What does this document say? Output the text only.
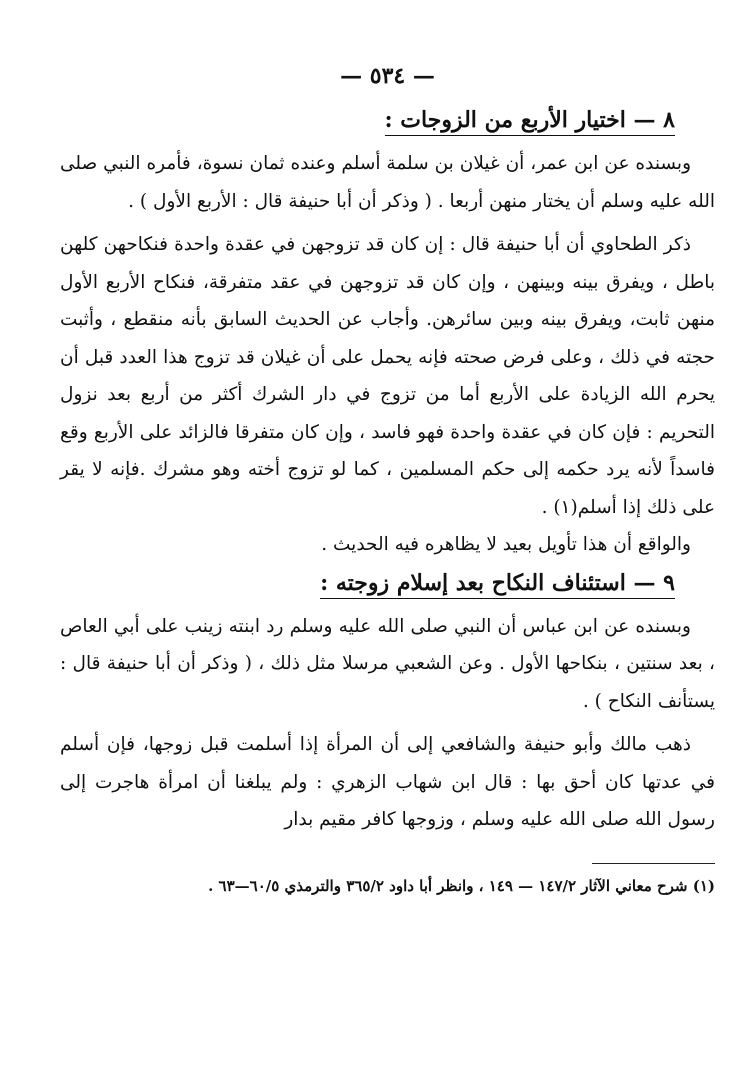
— ٥٣٤ —
٨ — اختيار الأربع من الزوجات :

وبسنده عن ابن عمر، أن غيلان بن سلمة أسلم وعنده ثمان نسوة، فأمره النبي صلى الله عليه وسلم أن يختار منهن أربعا . ( وذكر أن أبا حنيفة قال : الأربع الأول ) .

ذكر الطحاوي أن أبا حنيفة قال : إن كان قد تزوجهن في عقدة واحدة فنكاحهن كلهن باطل ، ويفرق بينه وبينهن ، وإن كان قد تزوجهن في عقد متفرقة، فنكاح الأربع الأول منهن ثابت، ويفرق بينه وبين سائرهن. وأجاب عن الحديث السابق بأنه منقطع ، وأثبت حجته في ذلك ، وعلى فرض صحته فإنه يحمل على أن غيلان قد تزوج هذا العدد قبل أن يحرم الله الزيادة على الأربع أما من تزوج في دار الشرك أكثر من أربع بعد نزول التحريم : فإن كان في عقدة واحدة فهو فاسد ، وإن كان متفرقا فالزائد على الأربع وقع فاسداً لأنه يرد حكمه إلى حكم المسلمين ، كما لو تزوج أخته وهو مشرك .فإنه لا يقر على ذلك إذا أسلم(١) .

والواقع أن هذا تأويل بعيد لا يظاهره فيه الحديث .

٩ — استئناف النكاح بعد إسلام زوجته :

وبسنده عن ابن عباس أن النبي صلى الله عليه وسلم رد ابنته زينب على أبي العاص ، بعد سنتين ، بنكاحها الأول . وعن الشعبي مرسلا مثل ذلك ، ( وذكر أن أبا حنيفة قال : يستأنف النكاح ) .

ذهب مالك وأبو حنيفة والشافعي إلى أن المرأة إذا أسلمت قبل زوجها، فإن أسلم في عدتها كان أحق بها : قال ابن شهاب الزهري : ولم يبلغنا أن امرأة هاجرت إلى رسول الله صلى الله عليه وسلم ، وزوجها كافر مقيم بدار

(١) شرح معاني الآثار ١٤٧/٢ — ١٤٩ ، وانظر أبا داود ٣٦٥/٢ والترمذي ٦٠/٥—٦٣ .
